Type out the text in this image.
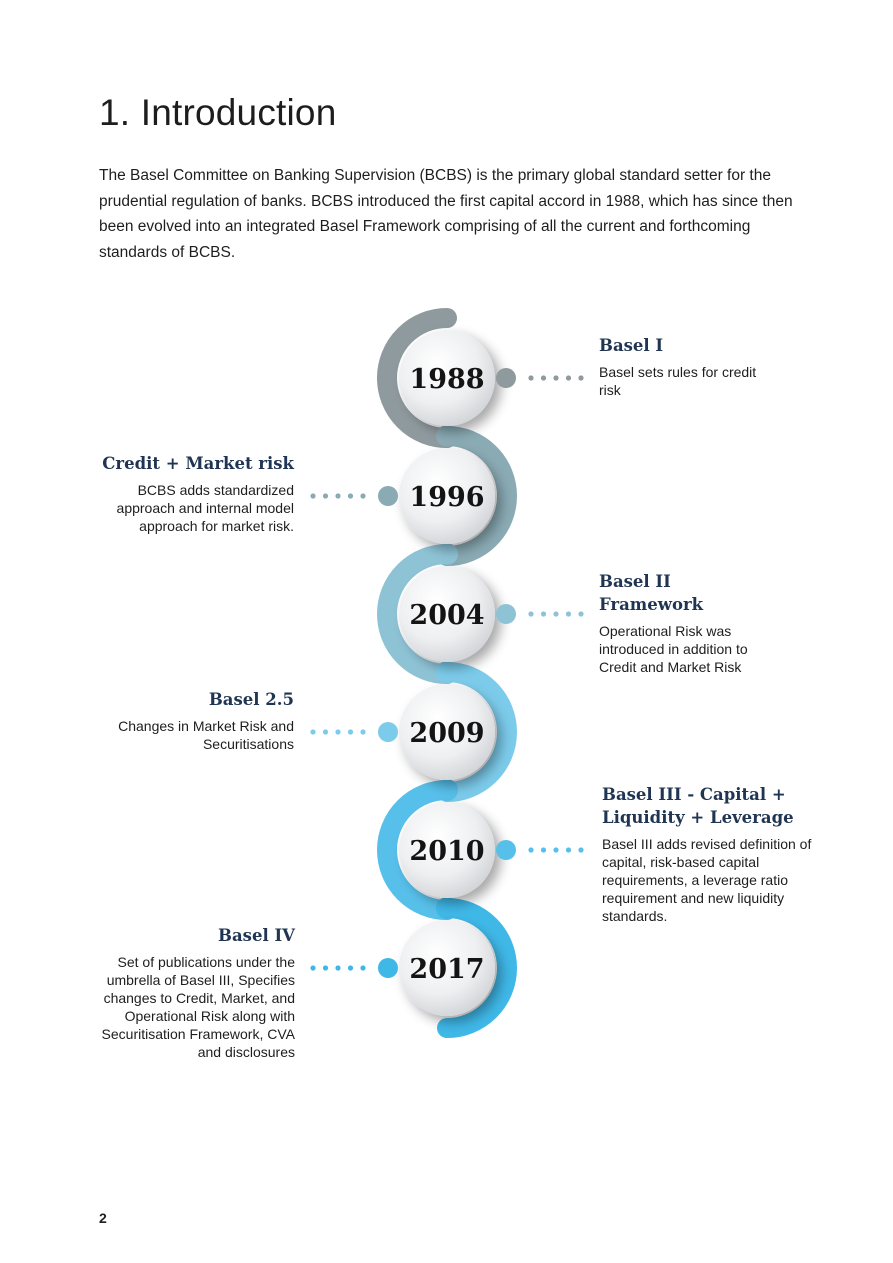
1. Introduction

The Basel Committee on Banking Supervision (BCBS) is the primary global standard setter for the prudential regulation of banks. BCBS introduced the first capital accord in 1988, which has since then been evolved into an integrated Basel Framework comprising of all the current and forthcoming standards of BCBS.

1988
1996
2004
2009
2010
2017

Basel I

Basel sets rules for credit risk

Credit + Market risk

BCBS adds standardized approach and internal model approach for market risk.

Basel II Framework

Operational Risk was introduced in addition to Credit and Market Risk

Basel 2.5

Changes in Market Risk and Securitisations

Basel III - Capital + Liquidity + Leverage

Basel III adds revised definition of capital, risk-based capital requirements, a leverage ratio requirement and new liquidity standards.

Basel IV

Set of publications under the umbrella of Basel III, Specifies changes to Credit, Market, and Operational Risk along with Securitisation Framework, CVA and disclosures

2
